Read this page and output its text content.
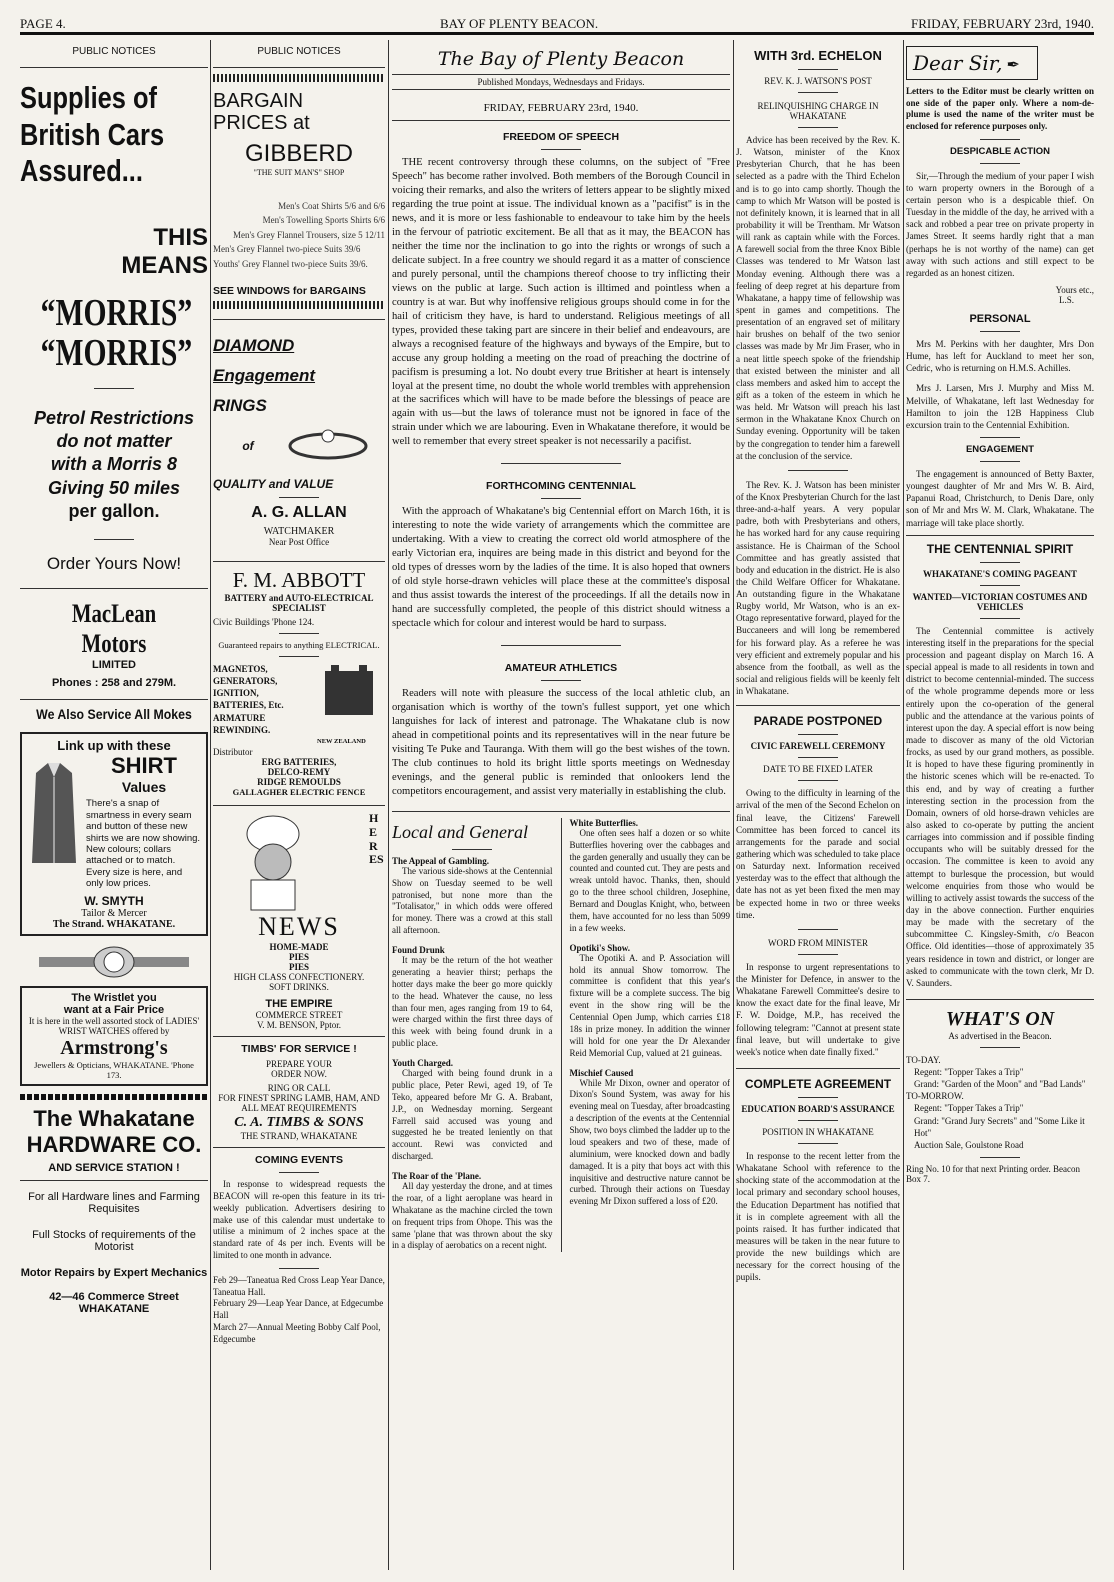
PAGE 4.	BAY OF PLENTY BEACON.	FRIDAY, FEBRUARY 23rd, 1940.
PUBLIC NOTICES
Supplies of
British Cars
Assured...
THIS
MEANS
“MORRIS”
“MORRIS”
Petrol Restrictions
do not matter
with a Morris 8
Giving 50 miles
per gallon.
Order Yours Now!
MacLean Motors
LIMITED
Phones : 258 and 279M.
We Also Service All Mokes
Link up with these
SHIRT
Values
There's a snap of smartness in every seam and button of these new shirts we are now showing. New colours; collars attached or to match. Every size is here, and only low prices.
W. SMYTH
Tailor & Mercer
The Strand. WHAKATANE.
The Wristlet you
want at a Fair Price
It is here in the well assorted stock of LADIES' WRIST WATCHES offered by
Armstrong's
Jewellers & Opticians, WHAKATANE. 'Phone 173.
The Whakatane
HARDWARE CO.
AND SERVICE STATION !
For all Hardware lines and Farming Requisites
Full Stocks of requirements of the Motorist
Motor Repairs by Expert Mechanics
42—46 Commerce Street WHAKATANE
PUBLIC NOTICES
BARGAIN
PRICES at
GIBBERD
"THE SUIT MAN'S" SHOP
Men's Coat Shirts 5/6 and 6/6
Men's Towelling Sports Shirts 6/6
Men's Grey Flannel Trousers, size 5 12/11
Men's Grey Flannel two-piece Suits 39/6
Youths' Grey Flannel two-piece Suits 39/6.
SEE WINDOWS for BARGAINS
DIAMOND
Engagement
RINGS
of
QUALITY and VALUE
A. G. ALLAN
WATCHMAKER
Near Post Office
F. M. ABBOTT
BATTERY and AUTO-ELECTRICAL SPECIALIST
Civic Buildings 'Phone 124.
Guaranteed repairs to anything ELECTRICAL.
MAGNETOS,
GENERATORS,
IGNITION,
BATTERIES, Etc.
ARMATURE
REWINDING.
NEW ZEALAND
Distributor
ERG BATTERIES,
DELCO-REMY
RIDGE REMOULDS
GALLAGHER ELECTRIC FENCE
HERES
NEWS
HOME-MADE
PIES
PIES
HIGH CLASS CONFECTIONERY.
SOFT DRINKS.
THE EMPIRE
COMMERCE STREET
V. M. BENSON, Pptor.
TIMBS' FOR SERVICE !
PREPARE YOUR
ORDER NOW.
RING OR CALL
FOR FINEST SPRING LAMB, HAM, AND ALL MEAT REQUIREMENTS
C. A. TIMBS & SONS
THE STRAND, WHAKATANE
COMING EVENTS

In response to widespread requests the BEACON will re-open this feature in its tri-weekly publication. Advertisers desiring to make use of this calendar must undertake to utilise a minimum of 2 inches space at the standard rate of 4s per inch. Events will be limited to one month in advance.

Feb 29—Taneatua Red Cross Leap Year Dance, Taneatua Hall.
February 29—Leap Year Dance, at Edgecumbe Hall
March 27—Annual Meeting Bobby Calf Pool, Edgecumbe
The Bay of Plenty Beacon
Published Mondays, Wednesdays and Fridays.
FRIDAY, FEBRUARY 23rd, 1940.
FREEDOM OF SPEECH

THE recent controversy through these columns, on the subject of "Free Speech" has become rather involved. Both members of the Borough Council in voicing their remarks, and also the writers of letters appear to be slightly mixed regarding the true point at issue. The individual known as a "pacifist" is in the news, and it is more or less fashionable to endeavour to take him by the heels in the fervour of patriotic excitement. Be all that as it may, the BEACON has neither the time nor the inclination to go into the rights or wrongs of such a delicate subject. In a free country we should regard it as a matter of conscience and purely personal, until the champions thereof choose to try inflicting their views on the public at large. Such action is illtimed and pointless when a country is at war. But why inoffensive religious groups should come in for the hail of criticism they have, is hard to understand. Religious meetings of all types, provided these taking part are sincere in their belief and endeavours, are always a recognised feature of the highways and byways of the Empire, but to accuse any group holding a meeting on the road of preaching the doctrine of pacifism is presuming a lot. No doubt every true Britisher at heart is intensely loyal at the present time, no doubt the whole world trembles with apprehension at the sacrifices which will have to be made before the blessings of peace are again with us—but the laws of tolerance must not be ignored in face of the strain under which we are labouring. Even in Whakatane therefore, it would be well to remember that every street speaker is not necessarily a pacifist.

FORTHCOMING CENTENNIAL

With the approach of Whakatane's big Centennial effort on March 16th, it is interesting to note the wide variety of arrangements which the committee are undertaking. With a view to creating the correct old world atmosphere of the early Victorian era, inquires are being made in this district and beyond for the old types of dresses worn by the ladies of the time. It is also hoped that owners of old style horse-drawn vehicles will place these at the committee's disposal and thus assist towards the interest of the proceedings. If all the details now in hand are successfully completed, the people of this district should witness a spectacle which for colour and interest would be hard to surpass.

AMATEUR ATHLETICS

Readers will note with pleasure the success of the local athletic club, an organisation which is worthy of the town's fullest support, yet one which languishes for lack of interest and patronage. The Whakatane club is now ahead in competitional points and its representatives will in the near future be visiting Te Puke and Tauranga. With them will go the best wishes of the town. The club continues to hold its bright little sports meetings on Wednesday evenings, and the general public is reminded that onlookers lend the competitors encouragement, and assist very materially in establishing the club.

Local and General
The Appeal of Gambling.

The various side-shows at the Centennial Show on Tuesday seemed to be well patronised, but none more than the "Totalisator," in which odds were offered for money. There was a crowd at this stall all afternoon.

Found Drunk

It may be the return of the hot weather generating a heavier thirst; perhaps the hotter days make the beer go more quickly to the head. Whatever the cause, no less than four men, ages ranging from 19 to 64, were charged within the first three days of this week with being found drunk in a public place.

Youth Charged.

Charged with being found drunk in a public place, Peter Rewi, aged 19, of Te Teko, appeared before Mr G. A. Brabant, J.P., on Wednesday morning. Sergeant Farrell said accused was young and suggested he be treated leniently on that account. Rewi was convicted and discharged.

The Roar of the 'Plane.

All day yesterday the drone, and at times the roar, of a light aeroplane was heard in Whakatane as the machine circled the town on frequent trips from Ohope. This was the same 'plane that was thrown about the sky in a display of aerobatics on a recent night.

White Butterflies.

One often sees half a dozen or so white Butterflies hovering over the cabbages and the garden generally and usually they can be counted and counted cut. They are pests and wreak untold havoc. Thanks, then, should go to the three school children, Josephine, Bernard and Douglas Knight, who, between them, have accounted for no less than 5099 in a few weeks.

Opotiki's Show.

The Opotiki A. and P. Association will hold its annual Show tomorrow. The committee is confident that this year's fixture will be a complete success. The big event in the show ring will be the Centennial Open Jump, which carries £18 18s in prize money. In addition the winner will hold for one year the Dr Alexander Reid Memorial Cup, valued at 21 guineas.

Mischief Caused

While Mr Dixon, owner and operator of Dixon's Sound System, was away for his evening meal on Tuesday, after broadcasting a description of the events at the Centennial Show, two boys climbed the ladder up to the loud speakers and two of these, made of aluminium, were knocked down and badly damaged. It is a pity that boys act with this inquisitive and destructive nature cannot be curbed. Through their actions on Tuesday evening Mr Dixon suffered a loss of £20.

WITH 3rd. ECHELON
REV. K. J. WATSON'S POST
RELINQUISHING CHARGE IN WHAKATANE

Advice has been received by the Rev. K. J. Watson, minister of the Knox Presbyterian Church, that he has been selected as a padre with the Third Echelon and is to go into camp shortly. Though the camp to which Mr Watson will be posted is not definitely known, it is learned that in all probability it will be Trentham. Mr Watson will rank as captain while with the Forces. A farewell social from the three Knox Bible Classes was tendered to Mr Watson last Monday evening. Although there was a feeling of deep regret at his departure from Whakatane, a happy time of fellowship was spent in games and competitions. The presentation of an engraved set of military hair brushes on behalf of the two senior classes was made by Mr Jim Fraser, who in a neat little speech spoke of the friendship that existed between the minister and all class members and asked him to accept the gift as a token of the esteem in which he was held. Mr Watson will preach his last sermon in the Whakatane Knox Church on Sunday evening. Opportunity will be taken by the congregation to tender him a farewell at the conclusion of the service.

The Rev. K. J. Watson has been minister of the Knox Presbyterian Church for the last three-and-a-half years. A very popular padre, both with Presbyterians and others, he has worked hard for any cause requiring assistance. He is Chairman of the School Committee and has greatly assisted that body and education in the district. He is also the Child Welfare Officer for Whakatane. An outstanding figure in the Whakatane Rugby world, Mr Watson, who is an ex-Otago representative forward, played for the Buccaneers and will long be remembered for his forward play. As a referee he was very efficient and extremely popular and his absence from the football, as well as the social and religious fields will be keenly felt in Whakatane.

PARADE POSTPONED
CIVIC FAREWELL CEREMONY
DATE TO BE FIXED LATER

Owing to the difficulty in learning of the arrival of the men of the Second Echelon on final leave, the Citizens' Farewell Committee has been forced to cancel its arrangements for the parade and social gathering which was scheduled to take place on Saturday next. Information received yesterday was to the effect that although the date has not as yet been fixed the men may be expected home in two or three weeks time.

WORD FROM MINISTER

In response to urgent representations to the Minister for Defence, in answer to the Whakatane Farewell Committee's desire to know the exact date for the final leave, Mr F. W. Doidge, M.P., has received the following telegram: "Cannot at present state final leave, but will undertake to give week's notice when date finally fixed."

COMPLETE AGREEMENT
EDUCATION BOARD'S ASSURANCE
POSITION IN WHAKATANE

In response to the recent letter from the Whakatane School with reference to the shocking state of the accommodation at the local primary and secondary school houses, the Education Department has notified that it is in complete agreement with all the points raised. It has further indicated that measures will be taken in the near future to provide the new buildings which are necessary for the correct housing of the pupils.

Dear Sir, ✒

Letters to the Editor must be clearly written on one side of the paper only. Where a nom-de-plume is used the name of the writer must be enclosed for reference purposes only.

DESPICABLE ACTION

Sir,—Through the medium of your paper I wish to warn property owners in the Borough of a certain person who is a despicable thief. On Tuesday in the middle of the day, he arrived with a sack and robbed a pear tree on private property in James Street. It seems hardly right that a man (perhaps he is not worthy of the name) can get away with such actions and still expect to be regarded as an honest citizen.

Yours etc.,
L.S.
PERSONAL

Mrs M. Perkins with her daughter, Mrs Don Hume, has left for Auckland to meet her son, Cedric, who is returning on H.M.S. Achilles.

Mrs J. Larsen, Mrs J. Murphy and Miss M. Melville, of Whakatane, left last Wednesday for Hamilton to join the 12B Happiness Club excursion train to the Centennial Exhibition.

ENGAGEMENT

The engagement is announced of Betty Baxter, youngest daughter of Mr and Mrs W. B. Aird, Papanui Road, Christchurch, to Denis Dare, only son of Mr and Mrs W. M. Clark, Whakatane. The marriage will take place shortly.

THE CENTENNIAL SPIRIT
WHAKATANE'S COMING PAGEANT
WANTED—VICTORIAN COSTUMES AND VEHICLES

The Centennial committee is actively interesting itself in the preparations for the special procession and pageant display on March 16. A special appeal is made to all residents in town and district to become centennial-minded. The success of the whole programme depends more or less entirely upon the co-operation of the general public and the attendance at the various points of interest upon the day. A special effort is now being made to discover as many of the old Victorian frocks, as used by our grand mothers, as possible. It is hoped to have these figuring prominently in the historic scenes which will be re-enacted. To this end, and by way of creating a further interesting section in the procession from the Domain, owners of old horse-drawn vehicles are also asked to co-operate by putting the ancient carriages into commission and if possible finding occupants who will be suitably dressed for the occasion. The committee is keen to avoid any attempt to burlesque the procession, but would welcome enquiries from those who would be willing to actively assist towards the success of the day in the above connection. Further enquiries may be made with the secretary of the subcommittee C. Kingsley-Smith, c/o Beacon Office. Old identities—those of approximately 35 years residence in town and district, or longer are asked to communicate with the town clerk, Mr D. V. Saunders.

WHAT'S ON
As advertised in the Beacon.
TO-DAY.
Regent: "Topper Takes a Trip"
Grand: "Garden of the Moon" and "Bad Lands"
TO-MORROW.
Regent: "Topper Takes a Trip"
Grand: "Grand Jury Secrets" and "Some Like it Hot"
Auction Sale, Goulstone Road
Ring No. 10 for that next Printing order. Beacon Box 7.
